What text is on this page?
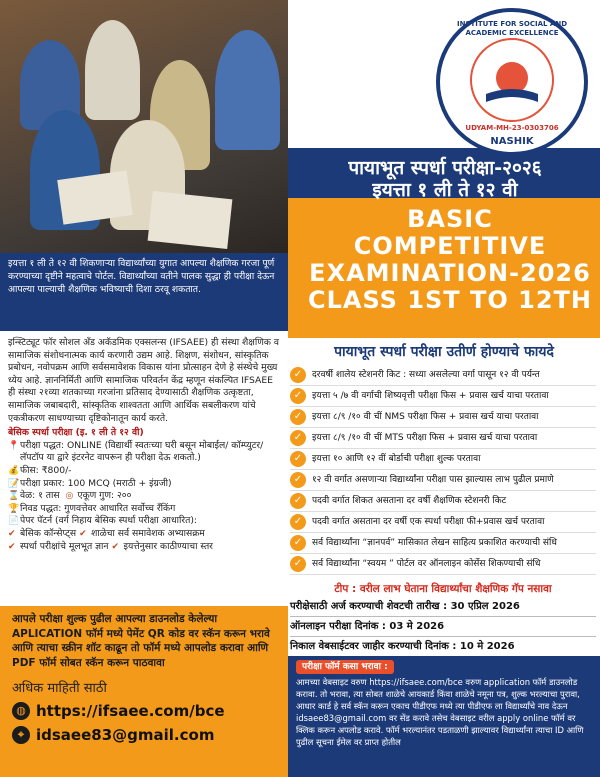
पायाभूत स्पर्धा परीक्षा-२०२६
इयत्ता १ ली ते १२ वी
BASIC
COMPETITIVE
EXAMINATION-2026
CLASS 1ST TO 12TH
INSTITUTE FOR SOCIAL AND ACADEMIC EXCELLENCE
UDYAM-MH-23-0303706
NASHIK
इयत्ता १ ली ते १२ वी शिकणाऱ्या विद्यार्थ्यांच्या युगात आपल्या शैक्षणिक गरजा पूर्ण करण्याच्या दृष्टीने महत्वाचे पोर्टल. विद्यार्थ्यांच्या वतीने पालक सुद्धा ही परीक्षा देऊन आपल्या पाल्याची शैक्षणिक भविष्याची दिशा ठरवू शकतात.
इन्स्टिट्यूट फॉर सोशल अँड अकॅडमिक एक्सलन्स (IFSAEE) ही संस्था शैक्षणिक व सामाजिक संशोधनात्मक कार्य करणारी उद्यम आहे. शिक्षण, संशोधन, सांस्कृतिक प्रबोधन, नवोपक्रम आणि सर्वसमावेशक विकास यांना प्रोत्साहन देणे हे संस्थेचे मुख्य ध्येय आहे. ज्ञाननिर्मिती आणि सामाजिक परिवर्तन केंद्र म्हणून संकल्पित IFSAEE ही संस्था २१व्या शतकाच्या गरजांना प्रतिसाद देण्यासाठी शैक्षणिक उत्कृष्टता, सामाजिक जबाबदारी, सांस्कृतिक शाश्वतता आणि आर्थिक सबलीकरण यांचे एकत्रीकरण साधण्याच्या दृष्टिकोनातून कार्य करते.
बेसिक स्पर्धा परीक्षा (इ. १ ली ते १२ वी)
📍 परीक्षा पद्धत: ONLINE (विद्यार्थी स्वतःच्या घरी बसून मोबाईल/ कॉम्प्युटर/लॅपटॉप या द्वारे इंटरनेट वापरून ही परीक्षा देऊ शकतो.)
💰 फीस: ₹800/-
📝 परीक्षा प्रकार: 100 MCQ (मराठी + इंग्रजी)
⌛ वेळ: १ तास
◎ एकूण गुण: २००
🏆 निवड पद्धत: गुणवत्तेवर आधारित सर्वोच्च रँकिंग
📄 पेपर पॅटर्न (वर्ग निहाय बेसिक स्पर्धा परीक्षा आधारित):
✔ बेसिक कॉन्सेप्ट्स
✔ शाळेचा सर्व समावेशक अभ्यासक्रम
✔ स्पर्धा परीक्षांचे मूलभूत ज्ञान
✔ इयत्तेनुसार काठीण्याचा स्तर
पायाभूत स्पर्धा परीक्षा उतीर्ण होण्याचे फायदे
✓	दरवर्षी शालेय स्टेशनरी किट : सध्या असलेल्या वर्गा पासून १२ वी पर्यन्त
✓	इयत्ता ५ /७ वी वर्गाची शिष्यवृत्ती परीक्षा फिस + प्रवास खर्च याचा परतावा
✓	इयत्ता ८/९ /१० वी चीं NMS परीक्षा फिस + प्रवास खर्च याचा परतावा
✓	इयत्ता ८/९ /१० वी चीं MTS परीक्षा फिस + प्रवास खर्च याचा परतावा
✓	इयत्ता १० आणि १२ वीं बोर्डाची परीक्षा शुल्क परतावा
✓	१२ वी वर्गात असणाऱ्या विद्यार्थ्यांना परीक्षा पास झाल्यास लाभ पुढील प्रमाणे
✓	पदवी वर्गात शिकत असताना दर वर्षी शैक्षणिक स्टेशनरी किट
✓	पदवी वर्गात असताना दर वर्षी एक स्पर्धा परीक्षा फी+प्रवास खर्च परतावा
✓	सर्व विद्यार्थ्यांना “ज्ञानपर्व” मासिकात लेखन साहित्य प्रकाशित करण्याची संधि
✓	सर्व विद्यार्थ्यांना “स्वयम ” पोर्टल वर ऑनलाइन कोर्सेस शिकण्याची संधि
टीप : वरील लाभ घेताना विद्यार्थ्यांचा शैक्षणिक गॅप नसावा
परीक्षेसाठी अर्ज करण्याची शेवटची तारीख : 30 एप्रिल 2026
ऑनलाइन परीक्षा दिनांक : 03 मे 2026
निकाल वेबसाईटवर जाहीर करण्याची दिनांक : 10 मे 2026
परीक्षा फॉर्म कसा भरावा :
आमच्या वेबसाइट वरुण https://ifsaee.com/bce वरुण application फॉर्म डाउनलोड करावा. तो भरावा, त्या सोबत शाळेचे आयकार्ड किंवा शाळेचे नमूना पत्र, शुल्क भरल्याचा पुरावा, आधार कार्ड हे सर्व स्कॅन करून एकाच पीडीएफ मध्ये त्या पीडीएफ ला विद्यार्थ्यांचे नाव देऊन idsaee83@gmail.com वर सेंड करावे तसेच वेबसाइट वरील apply online फॉर्म वर क्लिक करून अपलोड करावे. फॉर्म भरल्यानंतर पडताळणी झाल्यावर विद्यार्थ्यांना त्याचा ID आणि पुढील सूचना ईमेल वर प्राप्त होतील
आपले परीक्षा शुल्क पुढील आपल्या डाउनलोड केलेल्या APLICATION फॉर्म मध्ये पेमेंट QR कोड वर स्कॅन करून भरावे आणि त्याचा स्क्रीन शॉट काढून तो फॉर्म मध्ये आपलोड करावा आणि PDF फॉर्म सोबत स्कॅन करून पाठवावा
अधिक माहिती साठी
◍ https://ifsaee.com/bce
⌖ idsaee83@gmail.com
